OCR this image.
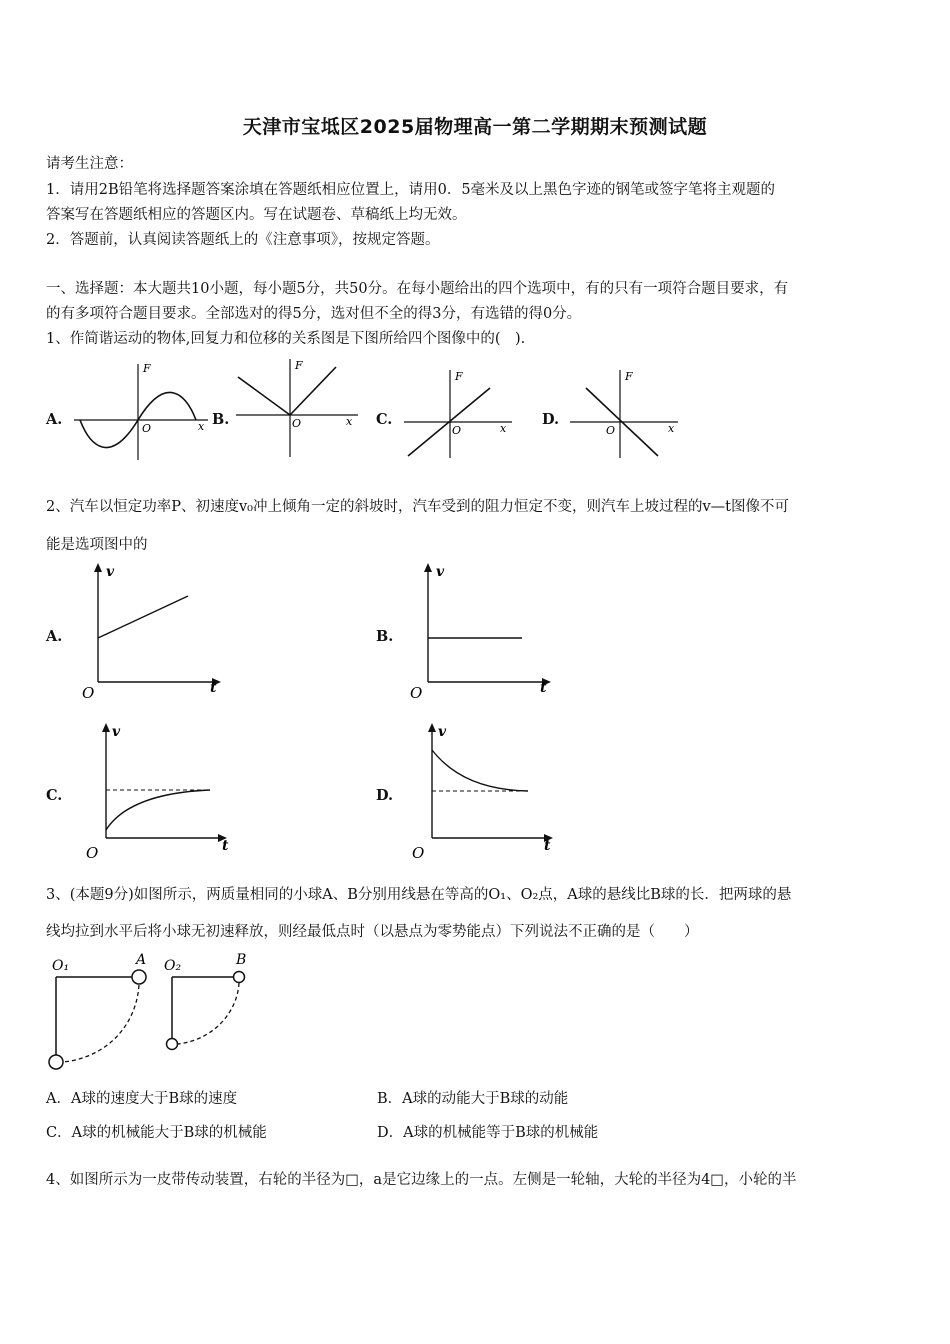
天津市宝坻区2025届物理高一第二学期期末预测试题
请考生注意：
1．请用2B铅笔将选择题答案涂填在答题纸相应位置上，请用0．5毫米及以上黑色字迹的钢笔或签字笔将主观题的
答案写在答题纸相应的答题区内。写在试题卷、草稿纸上均无效。
2．答题前，认真阅读答题纸上的《注意事项》，按规定答题。
一、选择题：本大题共10小题，每小题5分，共50分。在每小题给出的四个选项中，有的只有一项符合题目要求，有
的有多项符合题目要求。全部选对的得5分，选对但不全的得3分，有选错的得0分。
1、作简谐运动的物体,回复力和位移的关系图是下图所给四个图像中的(　).
A.
F
O	x B.
F
O	x C.
F
O	x
D.
F
O	x
2、汽车以恒定功率P、初速度v₀冲上倾角一定的斜坡时，汽车受到的阻力恒定不变，则汽车上坡过程的v—t图像不可
能是选项图中的
A.
v
O	t
B.
v
O	t
C.
v
O	t
D.
v
O	t
3、(本题9分)如图所示，两质量相同的小球A、B分别用线悬在等高的O₁、O₂点，A球的悬线比B球的长．把两球的悬
线均拉到水平后将小球无初速释放，则经最低点时（以悬点为零势能点）下列说法不正确的是（　　）
O₁	A O₂	B
A．A球的速度大于B球的速度	B．A球的动能大于B球的动能
C．A球的机械能大于B球的机械能	D．A球的机械能等于B球的机械能
4、如图所示为一皮带传动装置，右轮的半径为□，a是它边缘上的一点。左侧是一轮轴，大轮的半径为4□，小轮的半
